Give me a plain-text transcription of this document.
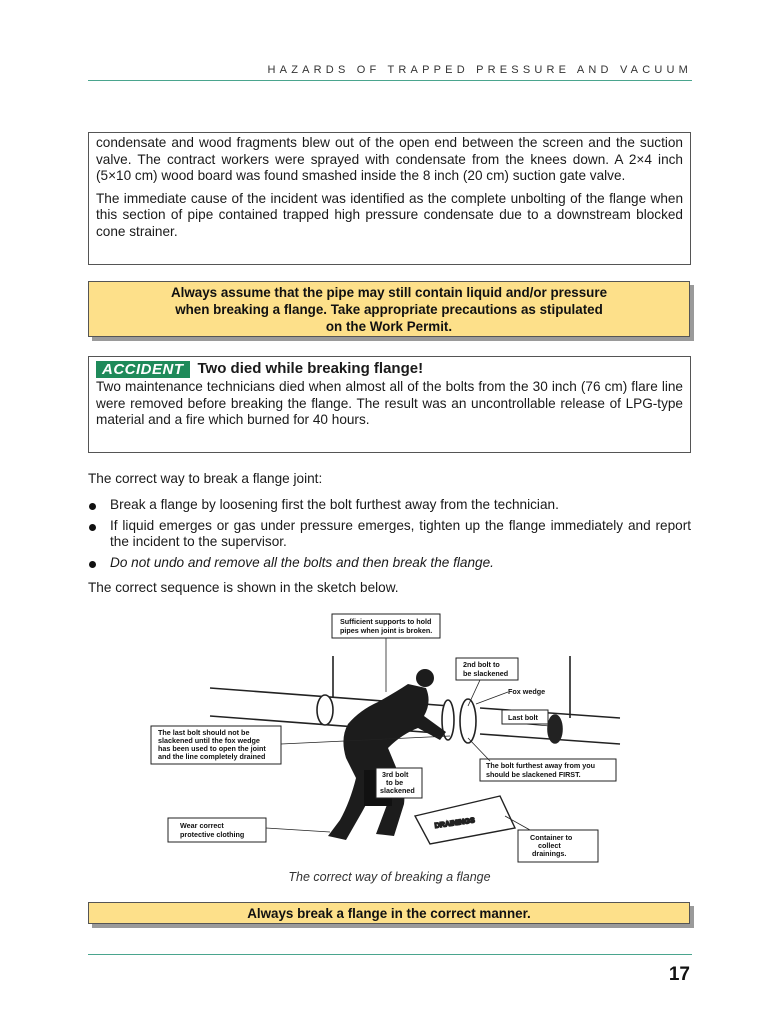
HAZARDS OF TRAPPED PRESSURE AND VACUUM

condensate and wood fragments blew out of the open end between the screen and the suction valve. The contract workers were sprayed with condensate from the knees down. A 2×4 inch (5×10 cm) wood board was found smashed inside the 8 inch (20 cm) suction gate valve.

The immediate cause of the incident was identified as the complete unbolting of the flange when this section of pipe contained trapped high pressure condensate due to a downstream blocked cone strainer.

Always assume that the pipe may still contain liquid and/or pressure
when breaking a flange. Take appropriate precautions as stipulated
on the Work Permit.
ACCIDENT Two died while breaking flange!

Two maintenance technicians died when almost all of the bolts from the 30 inch (76 cm) flare line were removed before breaking the flange. The result was an uncontrollable release of LPG-type material and a fire which burned for 40 hours.

The correct way to break a flange joint:
Break a flange by loosening first the bolt furthest away from the technician.
If liquid emerges or gas under pressure emerges, tighten up the flange immediately and report the incident to the supervisor.
Do not undo and remove all the bolts and then break the flange.
The correct sequence is shown in the sketch below.
DRAININGS
Sufficient supports to hold
pipes when joint is broken.
2nd bolt to
be slackened
Fox wedge
Last bolt
The last bolt should not be
slackened until the fox wedge
has been used to open the joint
and the line completely drained
The bolt furthest away from you
should be slackened FIRST.
3rd bolt
to be
slackened
Wear correct
protective clothing	Container to
collect
drainings.
The correct way of breaking a flange
Always break a flange in the correct manner.
17
